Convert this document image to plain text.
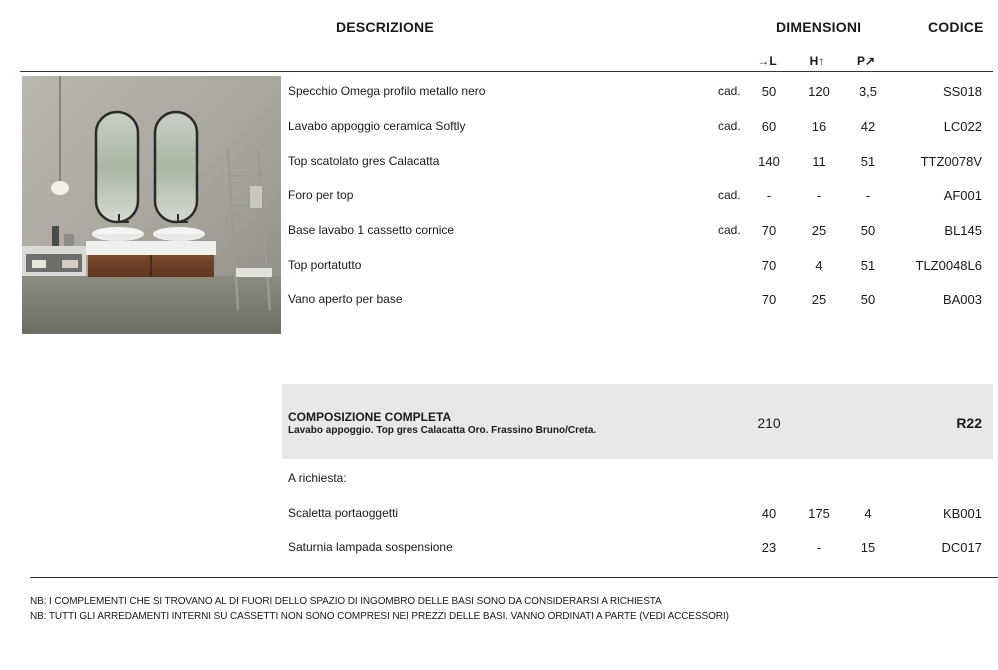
DESCRIZIONE	DIMENSIONI	CODICE
→L	H↑	P↗
Specchio Omega profilo metallo nero	cad.	50	120	3,5	SS018
Lavabo appoggio ceramica Softly	cad.	60	16	42	LC022
Top scatolato gres Calacatta	140	11	51	TTZ0078V
Foro per top	cad.	-	-	-	AF001
Base lavabo 1 cassetto cornice	cad.	70	25	50	BL145
Top portatutto	70	4	51	TLZ0048L6
Vano aperto per base	70	25	50	BA003
COMPOSIZIONE COMPLETA
Lavabo appoggio. Top gres Calacatta Oro. Frassino Bruno/Creta.	210	R22
A richiesta:
Scaletta portaoggetti	40	175	4	KB001
Saturnia lampada sospensione	23	-	15	DC017
NB: I COMPLEMENTI CHE SI TROVANO AL DI FUORI DELLO SPAZIO DI INGOMBRO DELLE BASI SONO DA CONSIDERARSI A RICHIESTA
NB: TUTTI GLI ARREDAMENTI INTERNI SU CASSETTI NON SONO COMPRESI NEI PREZZI DELLE BASI. VANNO ORDINATI A PARTE (VEDI ACCESSORI)
